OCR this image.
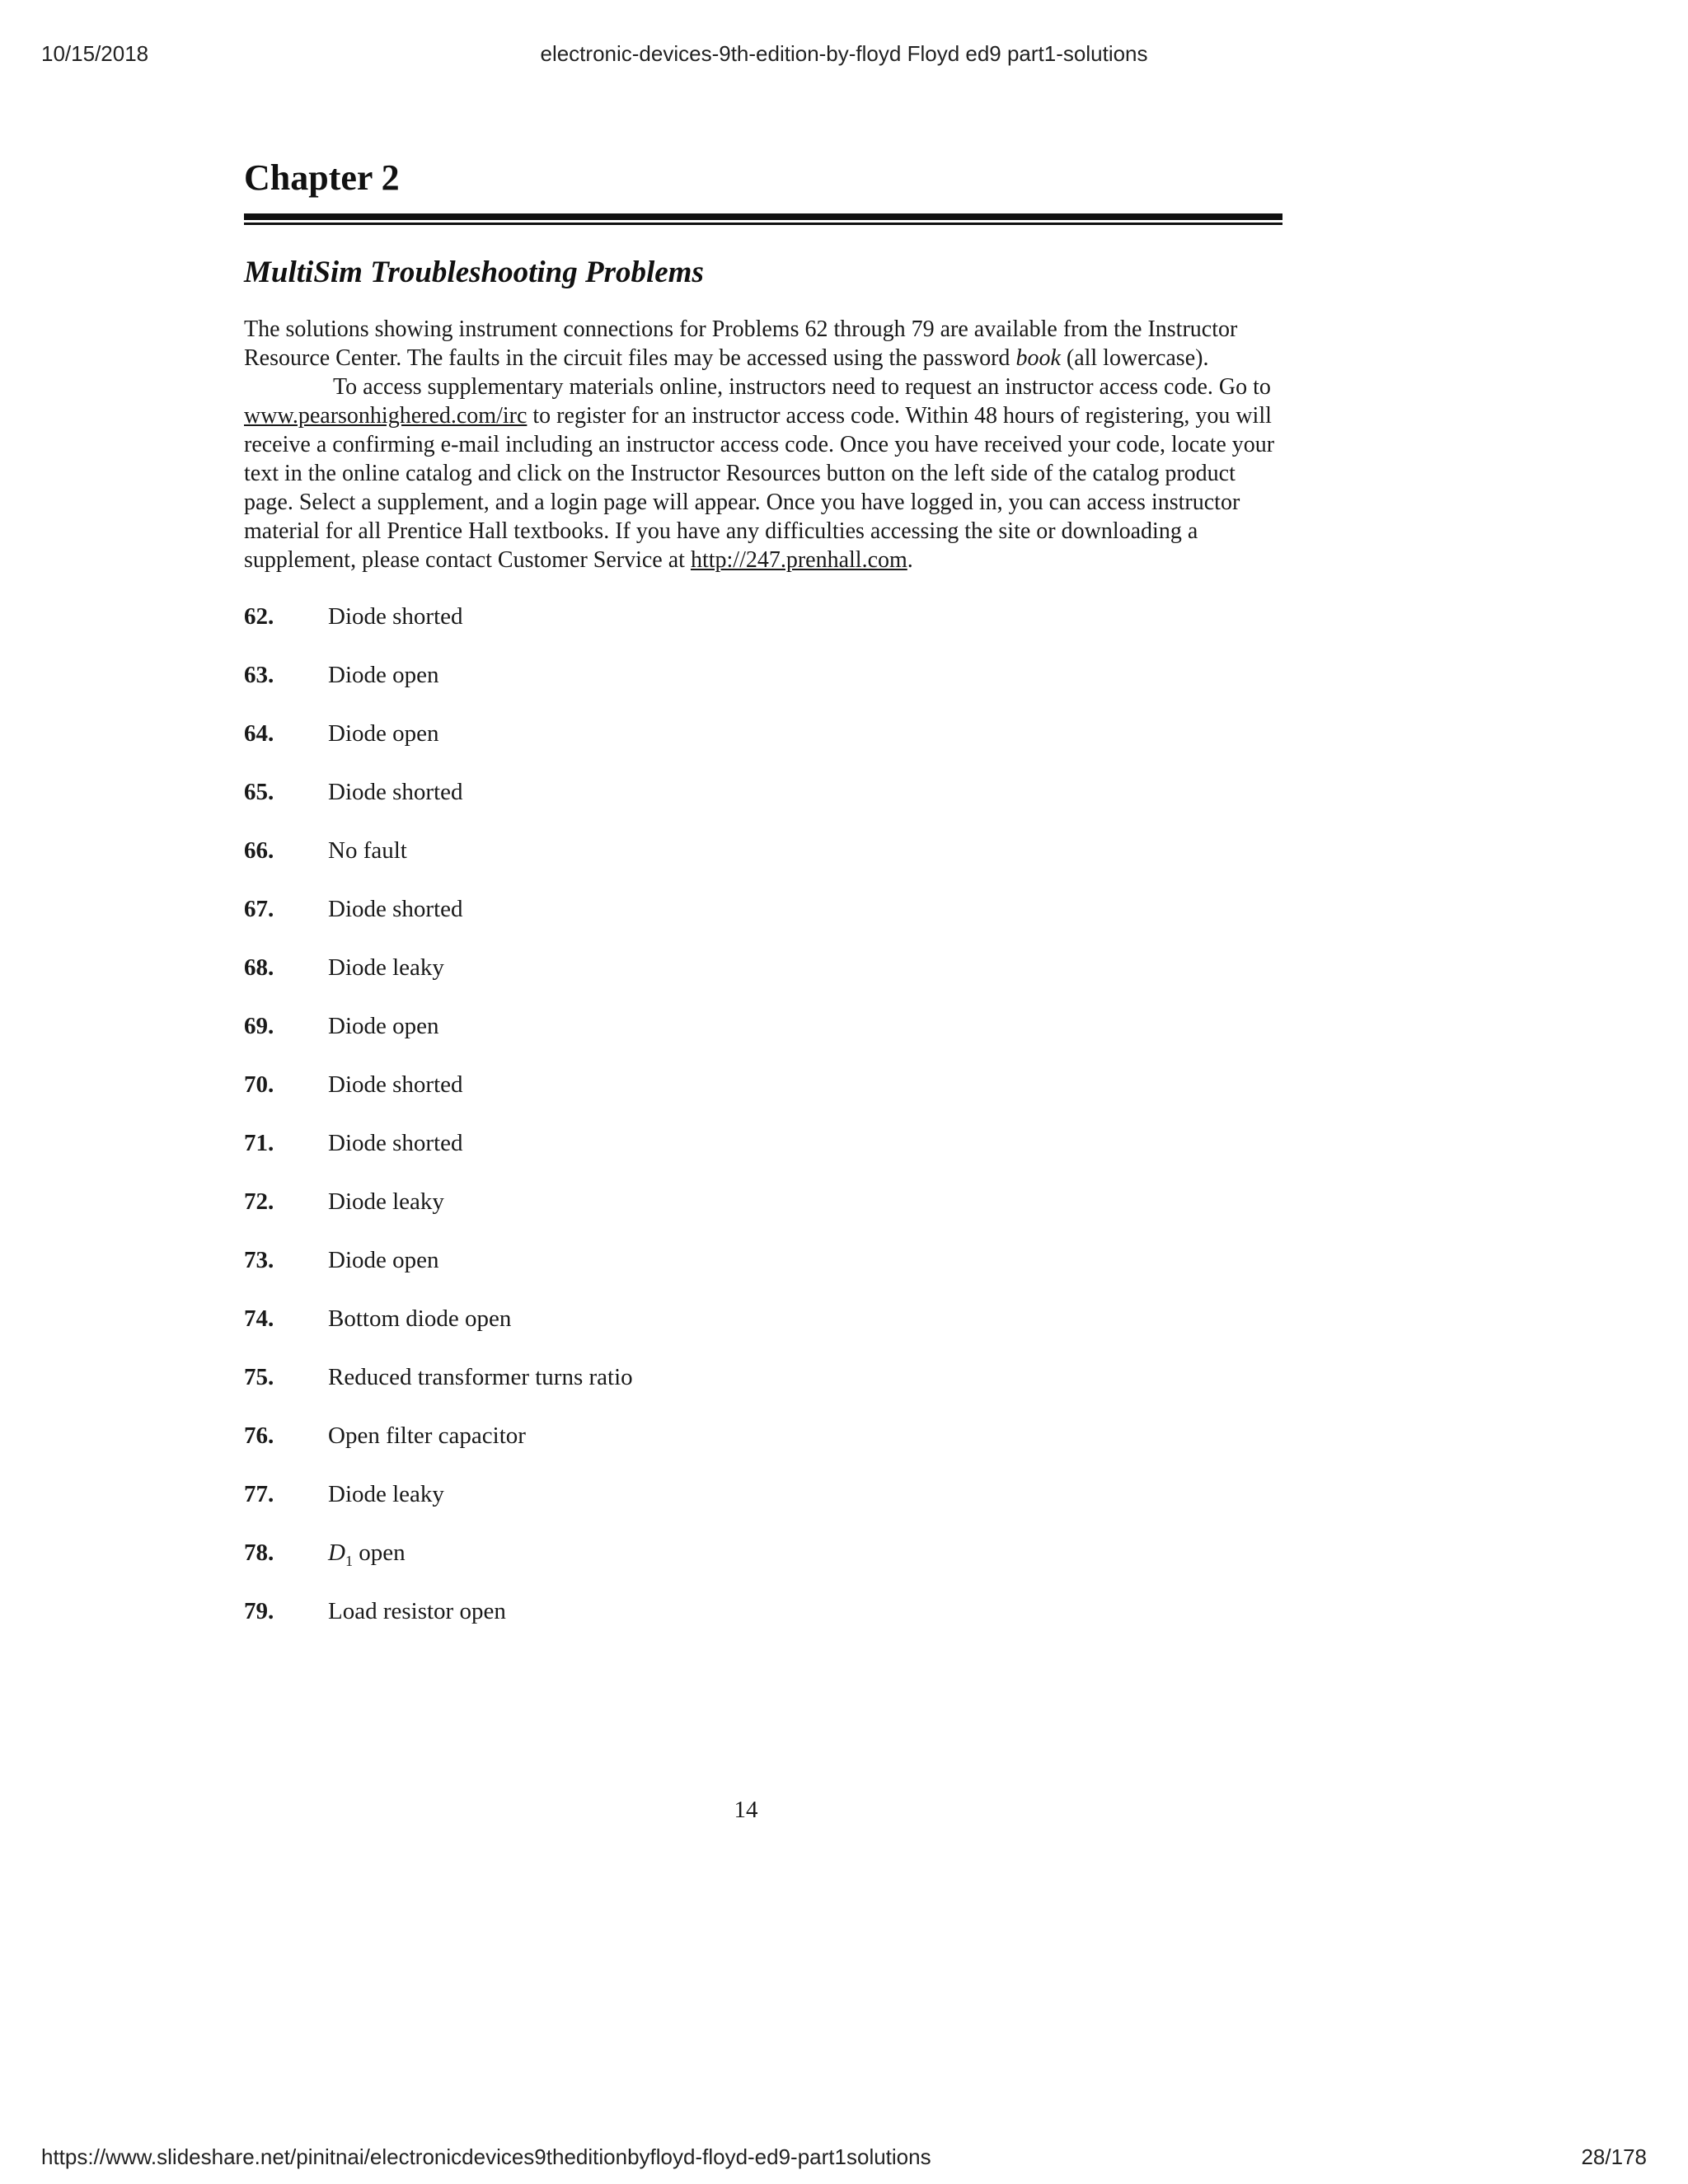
10/15/2018	electronic-devices-9th-edition-by-floyd Floyd ed9 part1-solutions
Chapter 2
MultiSim Troubleshooting Problems

The solutions showing instrument connections for Problems 62 through 79 are available from the Instructor Resource Center. The faults in the circuit files may be accessed using the password book (all lowercase).

To access supplementary materials online, instructors need to request an instructor access code. Go to www.pearsonhighered.com/irc to register for an instructor access code. Within 48 hours of registering, you will receive a confirming e-mail including an instructor access code. Once you have received your code, locate your text in the online catalog and click on the Instructor Resources button on the left side of the catalog product page. Select a supplement, and a login page will appear. Once you have logged in, you can access instructor material for all Prentice Hall textbooks. If you have any difficulties accessing the site or downloading a supplement, please contact Customer Service at http://247.prenhall.com.

62.	Diode shorted
63.	Diode open
64.	Diode open
65.	Diode shorted
66.	No fault
67.	Diode shorted
68.	Diode leaky
69.	Diode open
70.	Diode shorted
71.	Diode shorted
72.	Diode leaky
73.	Diode open
74.	Bottom diode open
75.	Reduced transformer turns ratio
76.	Open filter capacitor
77.	Diode leaky
78.	$D_1$ open
79.	Load resistor open
14
https://www.slideshare.net/pinitnai/electronicdevices9theditionbyfloyd-floyd-ed9-part1solutions	28/178
